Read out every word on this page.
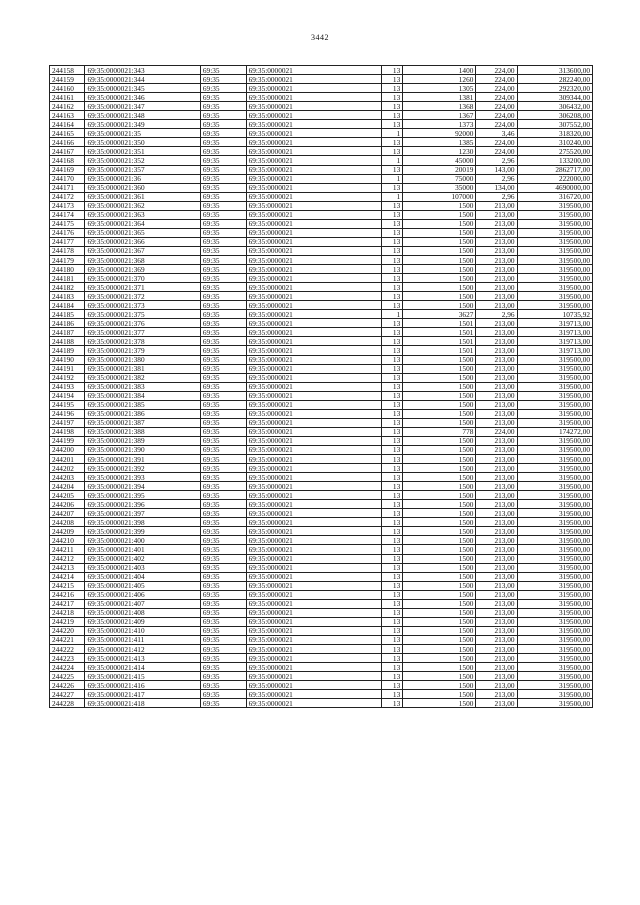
3442
244158	69:35:0000021:343	69:35	69:35:0000021	13	1400	224,00	313600,00
244159	69:35:0000021:344	69:35	69:35:0000021	13	1260	224,00	282240,00
244160	69:35:0000021:345	69:35	69:35:0000021	13	1305	224,00	292320,00
244161	69:35:0000021:346	69:35	69:35:0000021	13	1381	224,00	309344,00
244162	69:35:0000021:347	69:35	69:35:0000021	13	1368	224,00	306432,00
244163	69:35:0000021:348	69:35	69:35:0000021	13	1367	224,00	306208,00
244164	69:35:0000021:349	69:35	69:35:0000021	13	1373	224,00	307552,00
244165	69:35:0000021:35	69:35	69:35:0000021	1	92000	3,46	318320,00
244166	69:35:0000021:350	69:35	69:35:0000021	13	1385	224,00	310240,00
244167	69:35:0000021:351	69:35	69:35:0000021	13	1230	224,00	275520,00
244168	69:35:0000021:352	69:35	69:35:0000021	1	45000	2,96	133200,00
244169	69:35:0000021:357	69:35	69:35:0000021	13	20019	143,00	2862717,00
244170	69:35:0000021:36	69:35	69:35:0000021	1	75000	2,96	222000,00
244171	69:35:0000021:360	69:35	69:35:0000021	13	35000	134,00	4690000,00
244172	69:35:0000021:361	69:35	69:35:0000021	1	107000	2,96	316720,00
244173	69:35:0000021:362	69:35	69:35:0000021	13	1500	213,00	319500,00
244174	69:35:0000021:363	69:35	69:35:0000021	13	1500	213,00	319500,00
244175	69:35:0000021:364	69:35	69:35:0000021	13	1500	213,00	319500,00
244176	69:35:0000021:365	69:35	69:35:0000021	13	1500	213,00	319500,00
244177	69:35:0000021:366	69:35	69:35:0000021	13	1500	213,00	319500,00
244178	69:35:0000021:367	69:35	69:35:0000021	13	1500	213,00	319500,00
244179	69:35:0000021:368	69:35	69:35:0000021	13	1500	213,00	319500,00
244180	69:35:0000021:369	69:35	69:35:0000021	13	1500	213,00	319500,00
244181	69:35:0000021:370	69:35	69:35:0000021	13	1500	213,00	319500,00
244182	69:35:0000021:371	69:35	69:35:0000021	13	1500	213,00	319500,00
244183	69:35:0000021:372	69:35	69:35:0000021	13	1500	213,00	319500,00
244184	69:35:0000021:373	69:35	69:35:0000021	13	1500	213,00	319500,00
244185	69:35:0000021:375	69:35	69:35:0000021	1	3627	2,96	10735,92
244186	69:35:0000021:376	69:35	69:35:0000021	13	1501	213,00	319713,00
244187	69:35:0000021:377	69:35	69:35:0000021	13	1501	213,00	319713,00
244188	69:35:0000021:378	69:35	69:35:0000021	13	1501	213,00	319713,00
244189	69:35:0000021:379	69:35	69:35:0000021	13	1501	213,00	319713,00
244190	69:35:0000021:380	69:35	69:35:0000021	13	1500	213,00	319500,00
244191	69:35:0000021:381	69:35	69:35:0000021	13	1500	213,00	319500,00
244192	69:35:0000021:382	69:35	69:35:0000021	13	1500	213,00	319500,00
244193	69:35:0000021:383	69:35	69:35:0000021	13	1500	213,00	319500,00
244194	69:35:0000021:384	69:35	69:35:0000021	13	1500	213,00	319500,00
244195	69:35:0000021:385	69:35	69:35:0000021	13	1500	213,00	319500,00
244196	69:35:0000021:386	69:35	69:35:0000021	13	1500	213,00	319500,00
244197	69:35:0000021:387	69:35	69:35:0000021	13	1500	213,00	319500,00
244198	69:35:0000021:388	69:35	69:35:0000021	13	778	224,00	174272,00
244199	69:35:0000021:389	69:35	69:35:0000021	13	1500	213,00	319500,00
244200	69:35:0000021:390	69:35	69:35:0000021	13	1500	213,00	319500,00
244201	69:35:0000021:391	69:35	69:35:0000021	13	1500	213,00	319500,00
244202	69:35:0000021:392	69:35	69:35:0000021	13	1500	213,00	319500,00
244203	69:35:0000021:393	69:35	69:35:0000021	13	1500	213,00	319500,00
244204	69:35:0000021:394	69:35	69:35:0000021	13	1500	213,00	319500,00
244205	69:35:0000021:395	69:35	69:35:0000021	13	1500	213,00	319500,00
244206	69:35:0000021:396	69:35	69:35:0000021	13	1500	213,00	319500,00
244207	69:35:0000021:397	69:35	69:35:0000021	13	1500	213,00	319500,00
244208	69:35:0000021:398	69:35	69:35:0000021	13	1500	213,00	319500,00
244209	69:35:0000021:399	69:35	69:35:0000021	13	1500	213,00	319500,00
244210	69:35:0000021:400	69:35	69:35:0000021	13	1500	213,00	319500,00
244211	69:35:0000021:401	69:35	69:35:0000021	13	1500	213,00	319500,00
244212	69:35:0000021:402	69:35	69:35:0000021	13	1500	213,00	319500,00
244213	69:35:0000021:403	69:35	69:35:0000021	13	1500	213,00	319500,00
244214	69:35:0000021:404	69:35	69:35:0000021	13	1500	213,00	319500,00
244215	69:35:0000021:405	69:35	69:35:0000021	13	1500	213,00	319500,00
244216	69:35:0000021:406	69:35	69:35:0000021	13	1500	213,00	319500,00
244217	69:35:0000021:407	69:35	69:35:0000021	13	1500	213,00	319500,00
244218	69:35:0000021:408	69:35	69:35:0000021	13	1500	213,00	319500,00
244219	69:35:0000021:409	69:35	69:35:0000021	13	1500	213,00	319500,00
244220	69:35:0000021:410	69:35	69:35:0000021	13	1500	213,00	319500,00
244221	69:35:0000021:411	69:35	69:35:0000021	13	1500	213,00	319500,00
244222	69:35:0000021:412	69:35	69:35:0000021	13	1500	213,00	319500,00
244223	69:35:0000021:413	69:35	69:35:0000021	13	1500	213,00	319500,00
244224	69:35:0000021:414	69:35	69:35:0000021	13	1500	213,00	319500,00
244225	69:35:0000021:415	69:35	69:35:0000021	13	1500	213,00	319500,00
244226	69:35:0000021:416	69:35	69:35:0000021	13	1500	213,00	319500,00
244227	69:35:0000021:417	69:35	69:35:0000021	13	1500	213,00	319500,00
244228	69:35:0000021:418	69:35	69:35:0000021	13	1500	213,00	319500,00
